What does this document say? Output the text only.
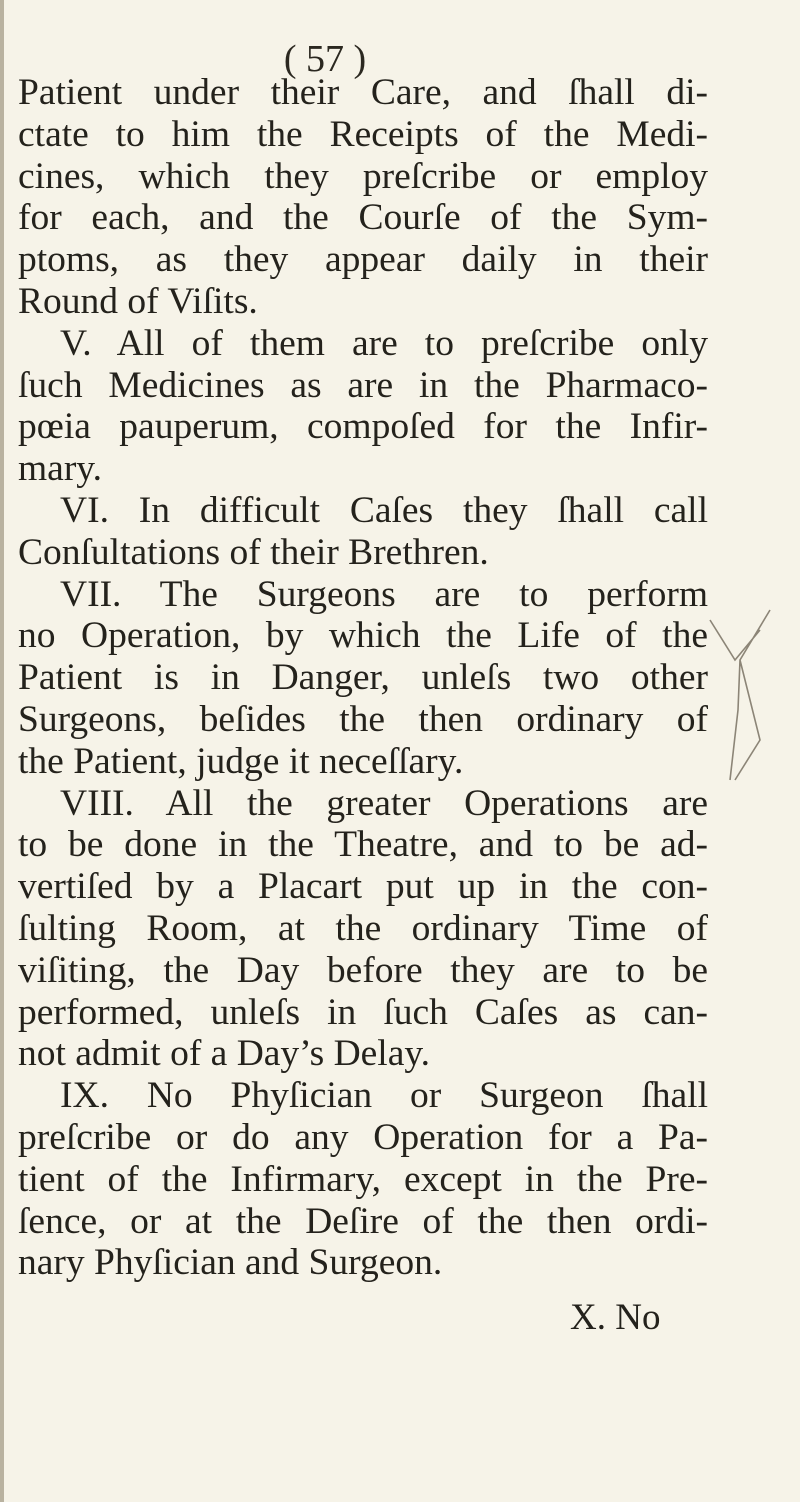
( 57 )
Patient under their Care, and ſhall di-
ctate to him the Receipts of the Medi-
cines, which they preſcribe or employ
for each, and the Courſe of the Sym-
ptoms, as they appear daily in their
Round of Viſits.
V. All of them are to preſcribe only
ſuch Medicines as are in the Pharmaco-
pœia pauperum, compoſed for the Infir-
mary.
VI. In difficult Caſes they ſhall call
Conſultations of their Brethren.
VII. The Surgeons are to perform
no Operation, by which the Life of the
Patient is in Danger, unleſs two other
Surgeons, beſides the then ordinary of
the Patient, judge it neceſſary.
VIII. All the greater Operations are
to be done in the Theatre, and to be ad-
vertiſed by a Placart put up in the con-
ſulting Room, at the ordinary Time of
viſiting, the Day before they are to be
performed, unleſs in ſuch Caſes as can-
not admit of a Day’s Delay.
IX. No Phyſician or Surgeon ſhall
preſcribe or do any Operation for a Pa-
tient of the Infirmary, except in the Pre-
ſence, or at the Deſire of the then ordi-
nary Phyſician and Surgeon.
X. No
